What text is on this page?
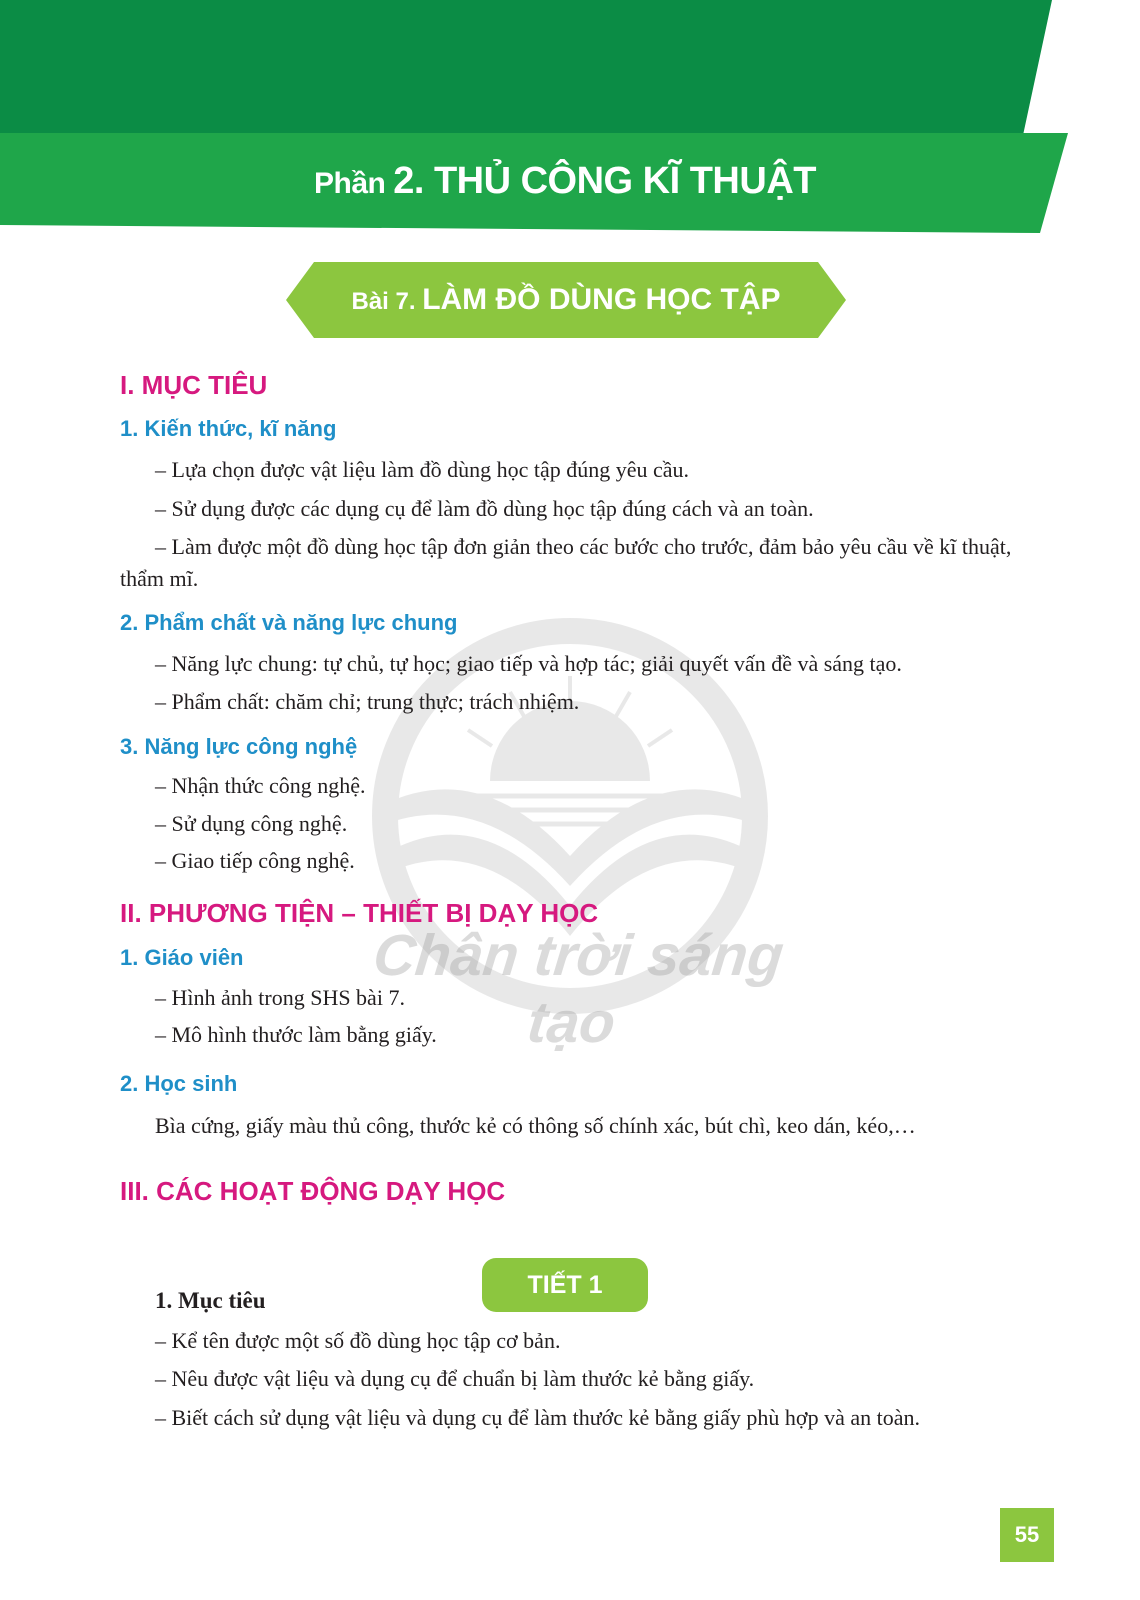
Phần 2. THỦ CÔNG KĨ THUẬT
Bài 7. LÀM ĐỒ DÙNG HỌC TẬP
Chân trời sáng tạo
I. MỤC TIÊU
1. Kiến thức, kĩ năng

– Lựa chọn được vật liệu làm đồ dùng học tập đúng yêu cầu.

– Sử dụng được các dụng cụ để làm đồ dùng học tập đúng cách và an toàn.

– Làm được một đồ dùng học tập đơn giản theo các bước cho trước, đảm bảo yêu cầu về kĩ thuật, thẩm mĩ.

2. Phẩm chất và năng lực chung

– Năng lực chung: tự chủ, tự học; giao tiếp và hợp tác; giải quyết vấn đề và sáng tạo.

– Phẩm chất: chăm chỉ; trung thực; trách nhiệm.

3. Năng lực công nghệ

– Nhận thức công nghệ.

– Sử dụng công nghệ.

– Giao tiếp công nghệ.

II. PHƯƠNG TIỆN – THIẾT BỊ DẠY HỌC
1. Giáo viên

– Hình ảnh trong SHS bài 7.

– Mô hình thước làm bằng giấy.

2. Học sinh

Bìa cứng, giấy màu thủ công, thước kẻ có thông số chính xác, bút chì, keo dán, kéo,…

III. CÁC HOẠT ĐỘNG DẠY HỌC
TIẾT 1

1. Mục tiêu

– Kể tên được một số đồ dùng học tập cơ bản.

– Nêu được vật liệu và dụng cụ để chuẩn bị làm thước kẻ bằng giấy.

– Biết cách sử dụng vật liệu và dụng cụ để làm thước kẻ bằng giấy phù hợp và an toàn.

55
